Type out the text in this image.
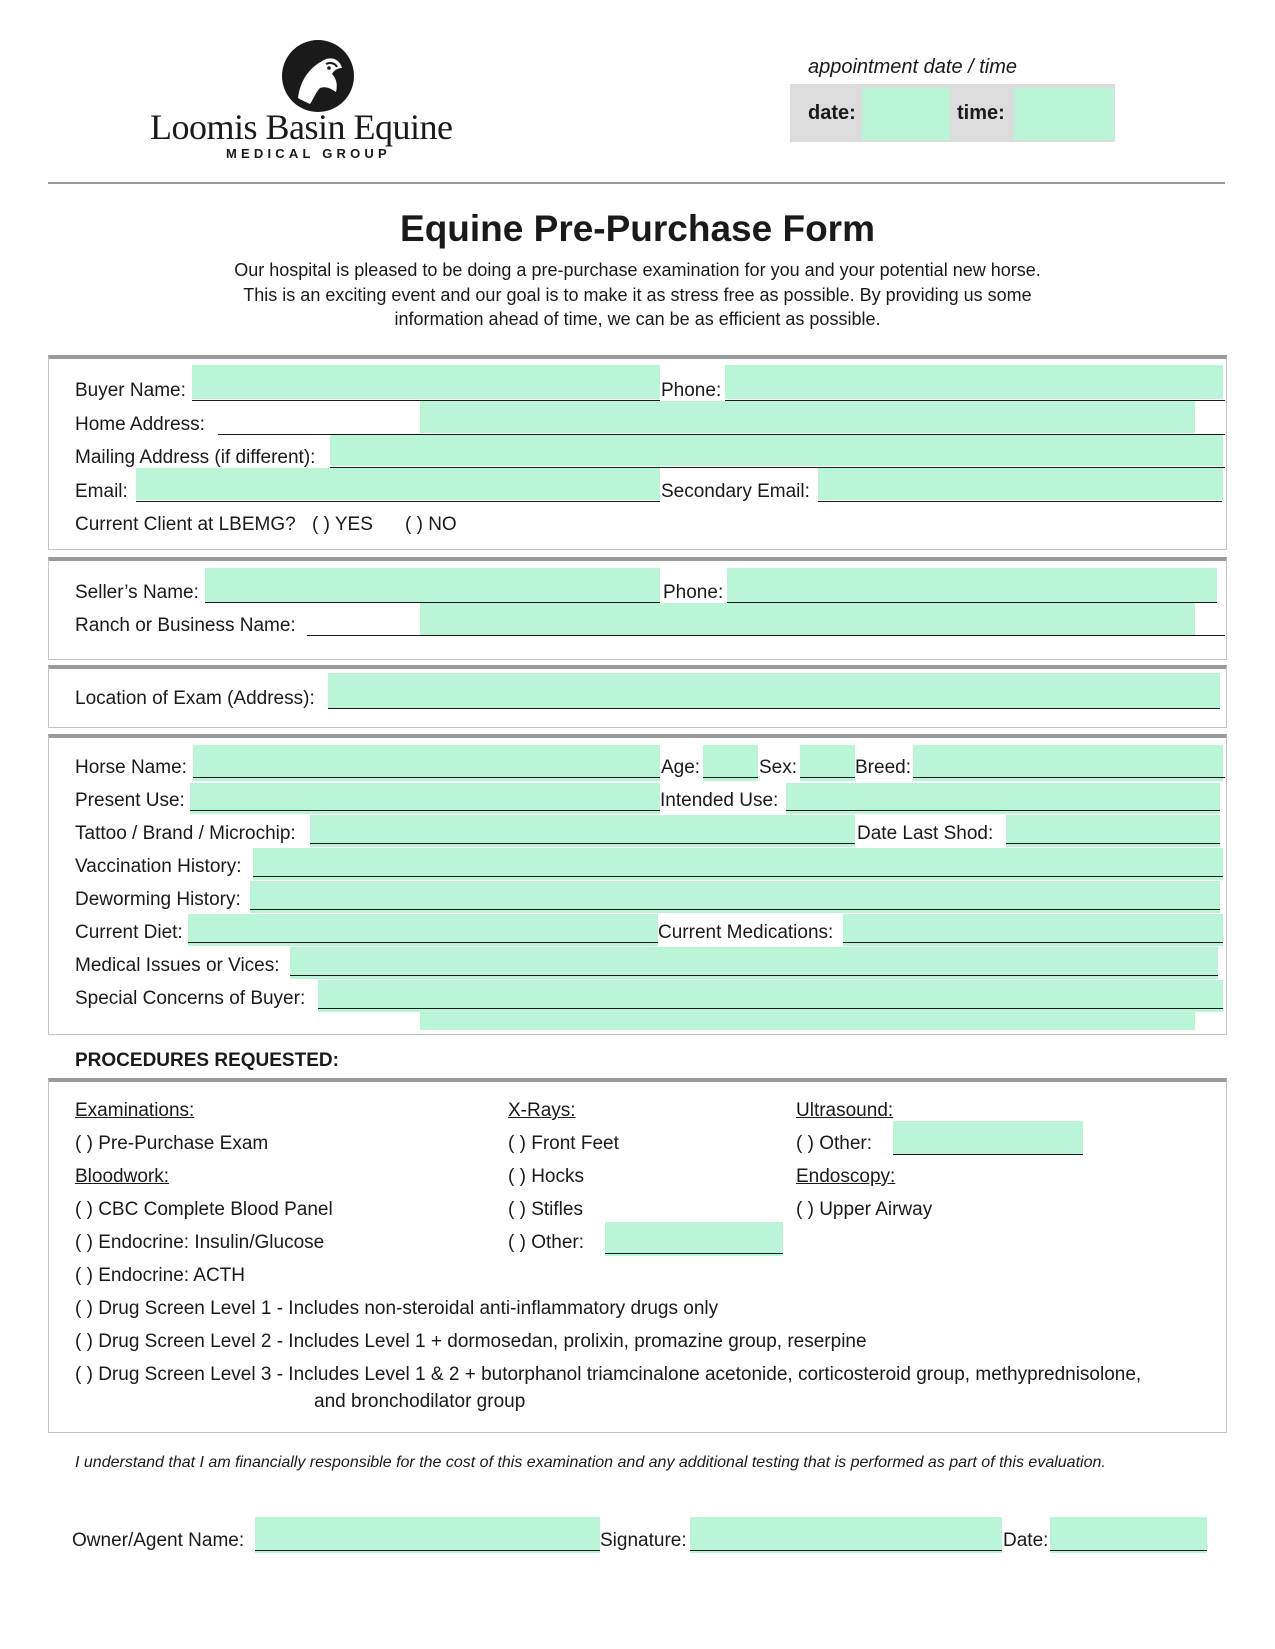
Loomis Basin Equine
MEDICAL GROUP
appointment date / time
date:	time:
Equine Pre-Purchase Form
Our hospital is pleased to be doing a pre-purchase examination for you and your potential new horse.
This is an exciting event and our goal is to make it as stress free as possible. By providing us some
information ahead of time, we can be as efficient as possible.
Buyer Name:	Phone:
Home Address:
Mailing Address (if different):
Email:	Secondary Email:
Current Client at LBEMG? ( ) YES ( ) NO
Seller’s Name:	Phone:
Ranch or Business Name:
Location of Exam (Address):
Horse Name:	Age:	Sex:	Breed:
Present Use:	Intended Use:
Tattoo / Brand / Microchip:	Date Last Shod:
Vaccination History:
Deworming History:
Current Diet:	Current Medications:
Medical Issues or Vices:
Special Concerns of Buyer:
PROCEDURES REQUESTED:
Examinations:
( ) Pre-Purchase Exam
Bloodwork:
( ) CBC Complete Blood Panel
( ) Endocrine: Insulin/Glucose
( ) Endocrine: ACTH
( ) Drug Screen Level 1 - Includes non-steroidal anti-inflammatory drugs only
( ) Drug Screen Level 2 - Includes Level 1 + dormosedan, prolixin, promazine group, reserpine
( ) Drug Screen Level 3 - Includes Level 1 & 2 + butorphanol triamcinalone acetonide, corticosteroid group, methyprednisolone,
and bronchodilator group
X-Rays:
( ) Front Feet
( ) Hocks
( ) Stifles
( ) Other:
Ultrasound:
( ) Other:
Endoscopy:
( ) Upper Airway
I understand that I am financially responsible for the cost of this examination and any additional testing that is performed as part of this evaluation.
Owner/Agent Name:	Signature:	Date:
